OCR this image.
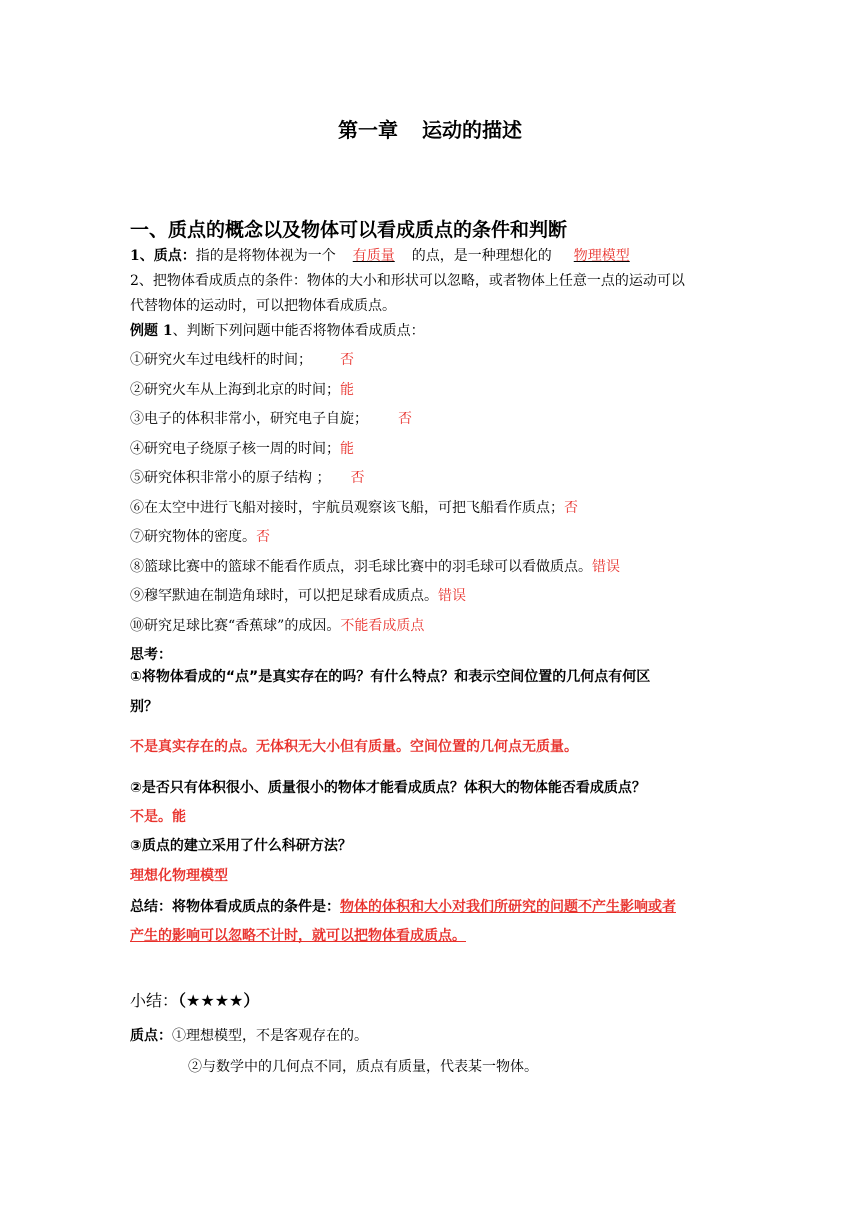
第一章 运动的描述
一、质点的概念以及物体可以看成质点的条件和判断
1、质点：指的是将物体视为一个 有质量 的点，是一种理想化的 物理模型
2、把物体看成质点的条件：物体的大小和形状可以忽略，或者物体上任意一点的运动可以
代替物体的运动时，可以把物体看成质点。
例题 1、判断下列问题中能否将物体看成质点：
①研究火车过电线杆的时间； 否
②研究火车从上海到北京的时间；能
③电子的体积非常小，研究电子自旋； 否
④研究电子绕原子核一周的时间；能
⑤研究体积非常小的原子结构 ； 否
⑥在太空中进行飞船对接时，宇航员观察该飞船，可把飞船看作质点；否
⑦研究物体的密度。否
⑧篮球比赛中的篮球不能看作质点，羽毛球比赛中的羽毛球可以看做质点。错误
⑨穆罕默迪在制造角球时，可以把足球看成质点。错误
⑩研究足球比赛“香蕉球”的成因。不能看成质点
思考：
①将物体看成的“点”是真实存在的吗？有什么特点？和表示空间位置的几何点有何区
别？
不是真实存在的点。无体积无大小但有质量。空间位置的几何点无质量。
②是否只有体积很小、质量很小的物体才能看成质点？体积大的物体能否看成质点？
不是。能
③质点的建立采用了什么科研方法？
理想化物理模型
总结：将物体看成质点的条件是：物体的体积和大小对我们所研究的问题不产生影响或者
产生的影响可以忽略不计时，就可以把物体看成质点。
小结：（★★★★）
质点：①理想模型，不是客观存在的。
②与数学中的几何点不同，质点有质量，代表某一物体。
